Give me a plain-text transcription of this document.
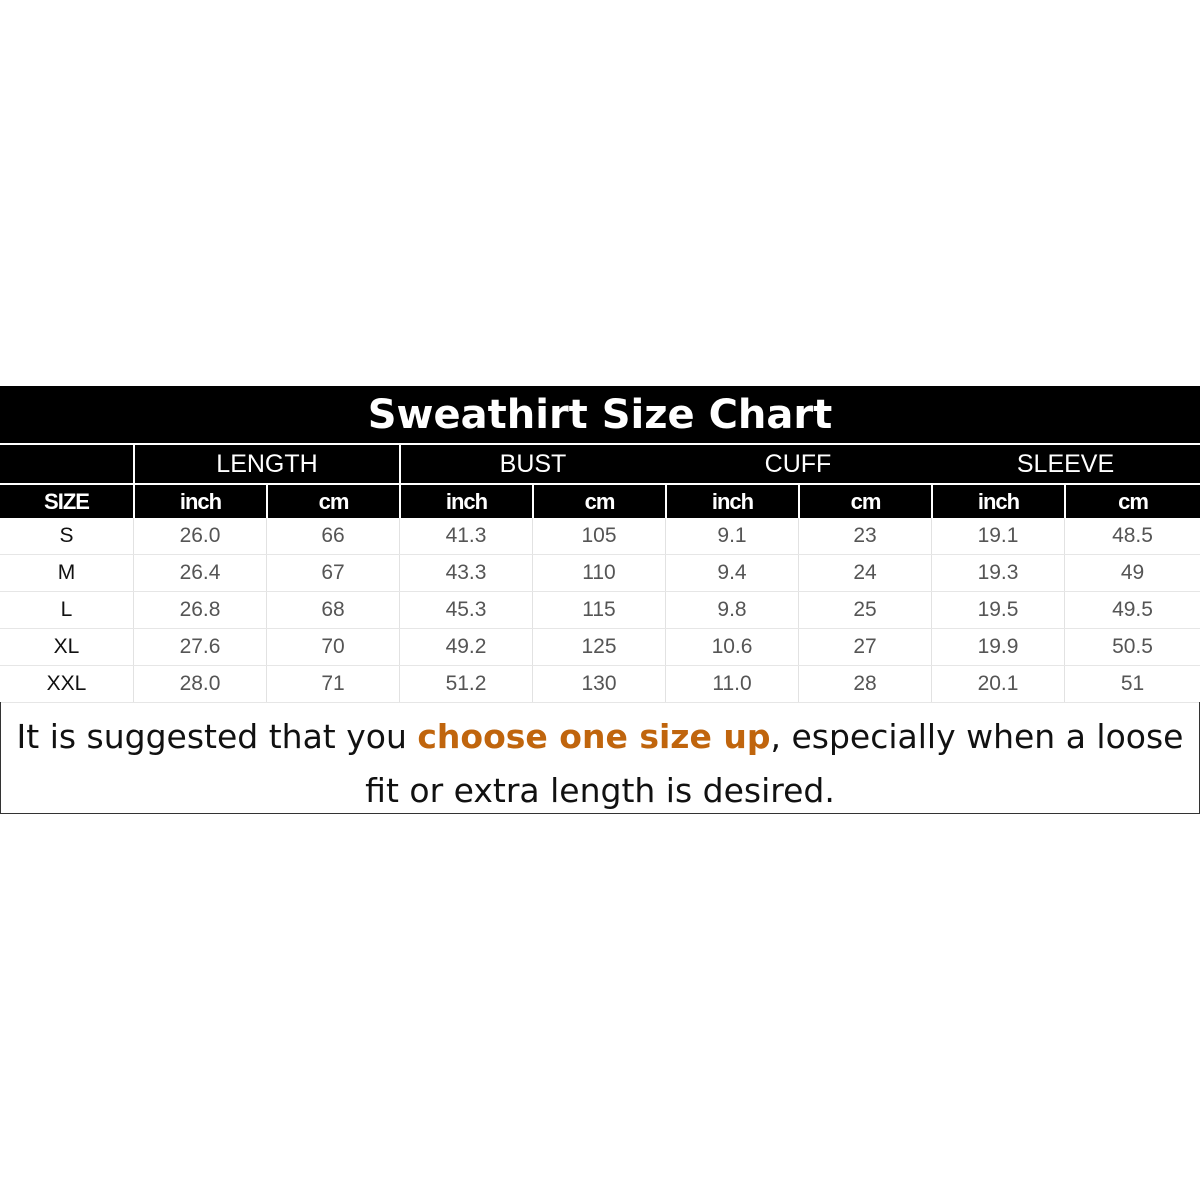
Sweathirt Size Chart
LENGTH	BUST	CUFF	SLEEVE
SIZE	inch	cm	inch	cm	inch	cm	inch	cm
S	26.0	66	41.3	105	9.1	23	19.1	48.5
M	26.4	67	43.3	110	9.4	24	19.3	49
L	26.8	68	45.3	115	9.8	25	19.5	49.5
XL	27.6	70	49.2	125	10.6	27	19.9	50.5
XXL	28.0	71	51.2	130	11.0	28	20.1	51
It is suggested that you choose one size up, especially when a loose fit or extra length is desired.
